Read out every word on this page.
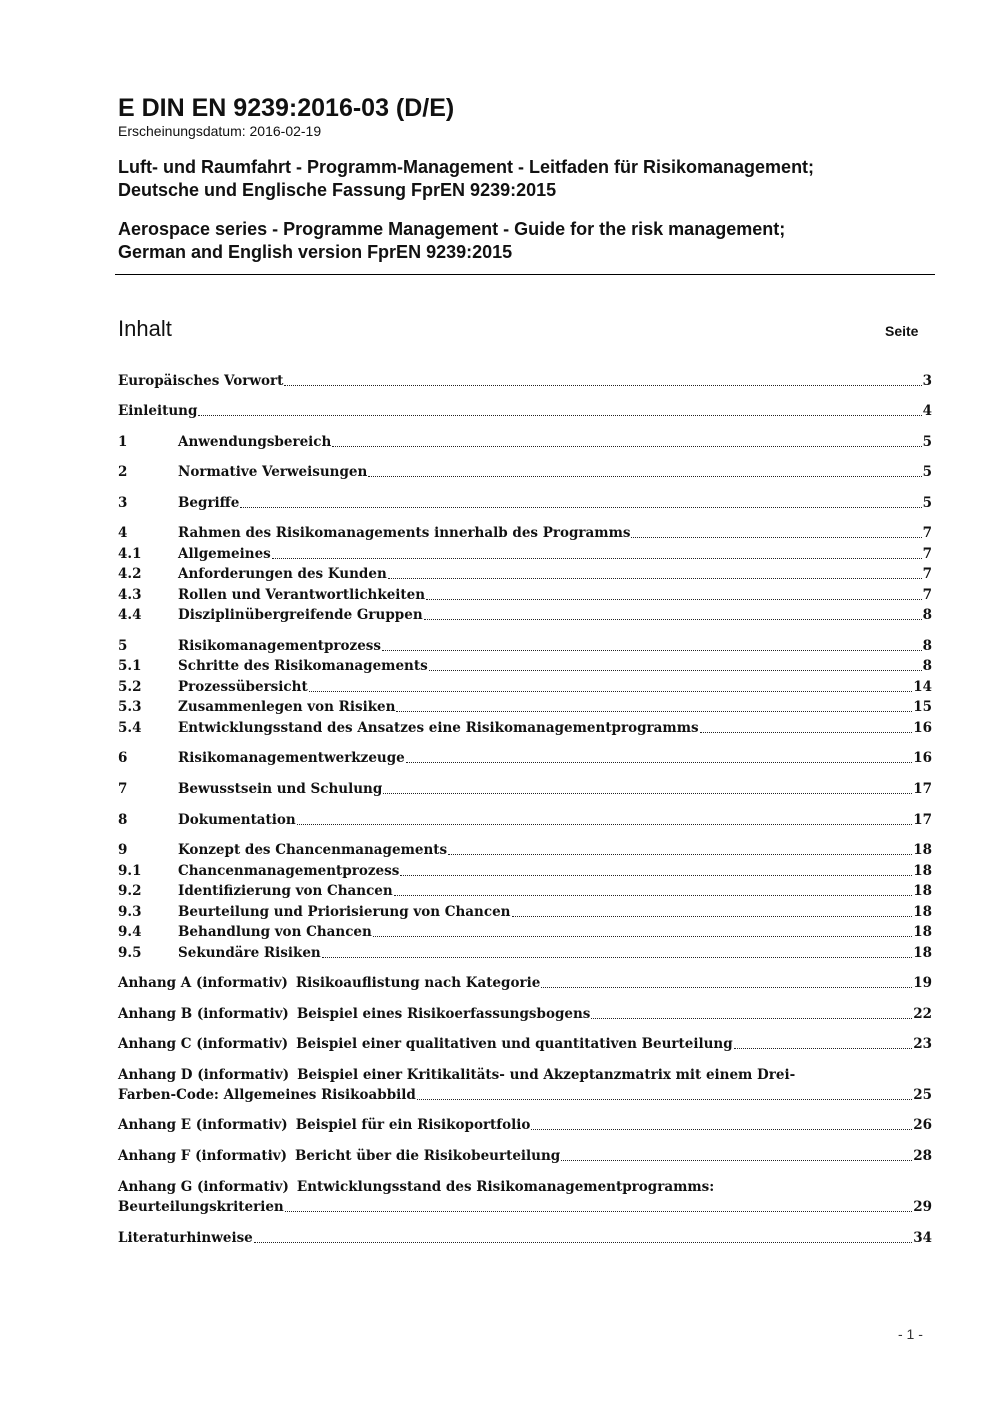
E DIN EN 9239:2016-03 (D/E)
Erscheinungsdatum: 2016-02-19
Luft- und Raumfahrt - Programm-Management - Leitfaden für Risikomanagement;
Deutsche und Englische Fassung FprEN 9239:2015
Aerospace series - Programme Management - Guide for the risk management;
German and English version FprEN 9239:2015
Inhalt	Seite
Europäisches Vorwort	3
Einleitung	4
1	Anwendungsbereich	5
2	Normative Verweisungen	5
3	Begriffe	5
4	Rahmen des Risikomanagements innerhalb des Programms	7
4.1	Allgemeines	7
4.2	Anforderungen des Kunden	7
4.3	Rollen und Verantwortlichkeiten	7
4.4	Disziplinübergreifende Gruppen	8
5	Risikomanagementprozess	8
5.1	Schritte des Risikomanagements	8
5.2	Prozessübersicht	14
5.3	Zusammenlegen von Risiken	15
5.4	Entwicklungsstand des Ansatzes eine Risikomanagementprogramms	16
6	Risikomanagementwerkzeuge	16
7	Bewusstsein und Schulung	17
8	Dokumentation	17
9	Konzept des Chancenmanagements	18
9.1	Chancenmanagementprozess	18
9.2	Identifizierung von Chancen	18
9.3	Beurteilung und Priorisierung von Chancen	18
9.4	Behandlung von Chancen	18
9.5	Sekundäre Risiken	18
Anhang A (informativ) Risikoauflistung nach Kategorie	19
Anhang B (informativ) Beispiel eines Risikoerfassungsbogens	22
Anhang C (informativ) Beispiel einer qualitativen und quantitativen Beurteilung	23
Anhang D (informativ) Beispiel einer Kritikalitäts- und Akzeptanzmatrix mit einem Drei-
Farben-Code: Allgemeines Risikoabbild	25
Anhang E (informativ) Beispiel für ein Risikoportfolio	26
Anhang F (informativ) Bericht über die Risikobeurteilung	28
Anhang G (informativ) Entwicklungsstand des Risikomanagementprogramms:
Beurteilungskriterien	29
Literaturhinweise	34
- 1 -
